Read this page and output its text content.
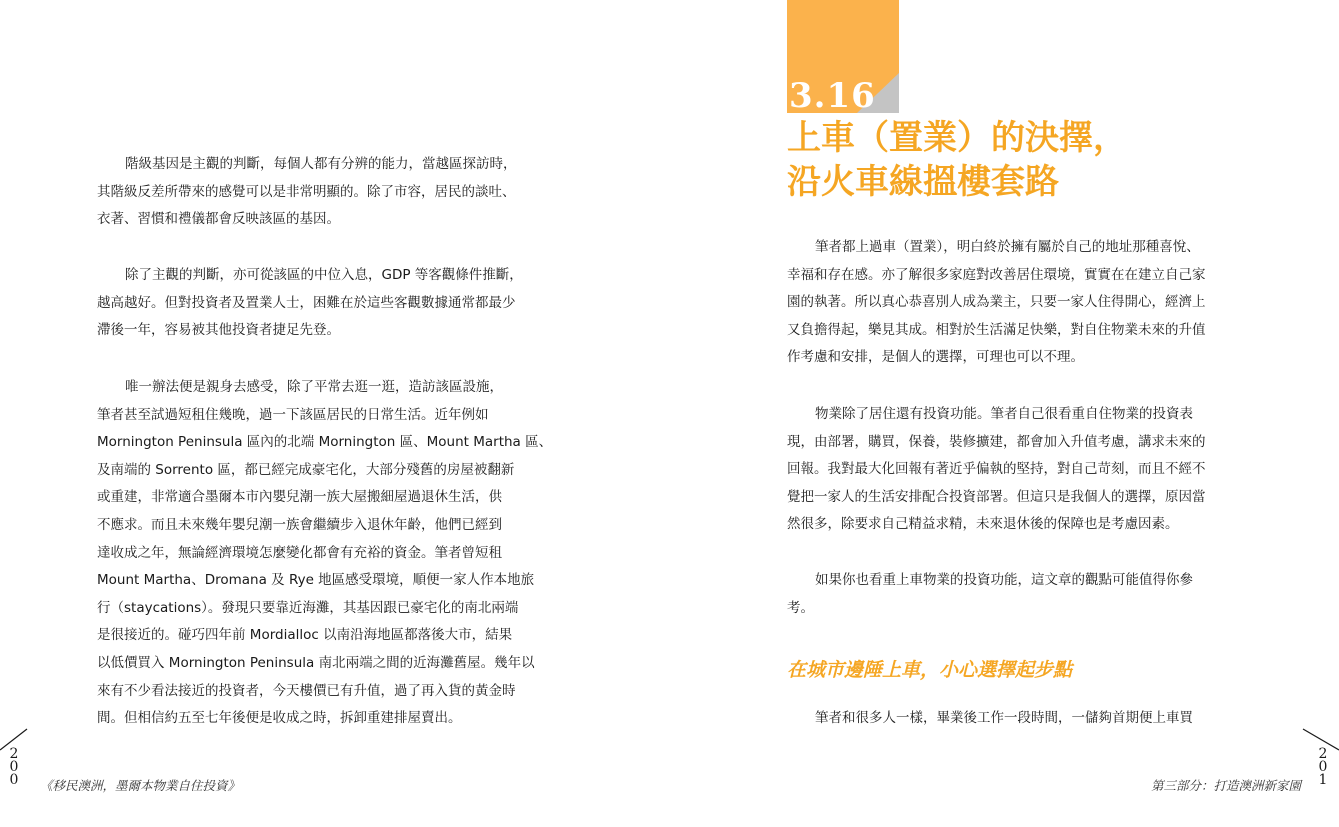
階級基因是主觀的判斷，每個人都有分辨的能力，當越區探訪時，
其階級反差所帶來的感覺可以是非常明顯的。除了市容，居民的談吐、
衣著、習慣和禮儀都會反映該區的基因。

除了主觀的判斷，亦可從該區的中位入息，GDP 等客觀條件推斷，
越高越好。但對投資者及置業人士，困難在於這些客觀數據通常都最少
滯後一年，容易被其他投資者捷足先登。

唯一辦法便是親身去感受，除了平常去逛一逛，造訪該區設施，
筆者甚至試過短租住幾晚，過一下該區居民的日常生活。近年例如
Mornington Peninsula 區內的北端 Mornington 區、Mount Martha 區、
及南端的 Sorrento 區，都已經完成豪宅化，大部分殘舊的房屋被翻新
或重建，非常適合墨爾本市內嬰兒潮一族大屋搬細屋過退休生活，供
不應求。而且未來幾年嬰兒潮一族會繼續步入退休年齡，他們已經到
達收成之年，無論經濟環境怎麼變化都會有充裕的資金。筆者曾短租
Mount Martha、Dromana 及 Rye 地區感受環境，順便一家人作本地旅
行（staycations）。發現只要靠近海灘，其基因跟已豪宅化的南北兩端
是很接近的。碰巧四年前 Mordialloc 以南沿海地區都落後大市，結果
以低價買入 Mornington Peninsula 南北兩端之間的近海灘舊屋。幾年以
來有不少看法接近的投資者，今天樓價已有升值，過了再入貨的黃金時
間。但相信約五至七年後便是收成之時，拆卸重建排屋賣出。

2
0
0 《移民澳洲，墨爾本物業自住投資》
3.16
上車（置業）的決擇，
沿火車線搵樓套路

筆者都上過車（置業），明白終於擁有屬於自己的地址那種喜悅、
幸福和存在感。亦了解很多家庭對改善居住環境，實實在在建立自己家
園的執著。所以真心恭喜別人成為業主，只要一家人住得開心，經濟上
又負擔得起，樂見其成。相對於生活滿足快樂，對自住物業未來的升值
作考慮和安排，是個人的選擇，可理也可以不理。

物業除了居住還有投資功能。筆者自己很看重自住物業的投資表
現，由部署，購買，保養，裝修擴建，都會加入升值考慮，講求未來的
回報。我對最大化回報有著近乎偏執的堅持，對自己苛刻，而且不經不
覺把一家人的生活安排配合投資部署。但這只是我個人的選擇，原因當
然很多，除要求自己精益求精，未來退休後的保障也是考慮因素。

如果你也看重上車物業的投資功能，這文章的觀點可能值得你參
考。

在城市邊陲上車，小心選擇起步點

筆者和很多人一樣，畢業後工作一段時間，一儲夠首期便上車買

2
0
1
第三部分：打造澳洲新家園
